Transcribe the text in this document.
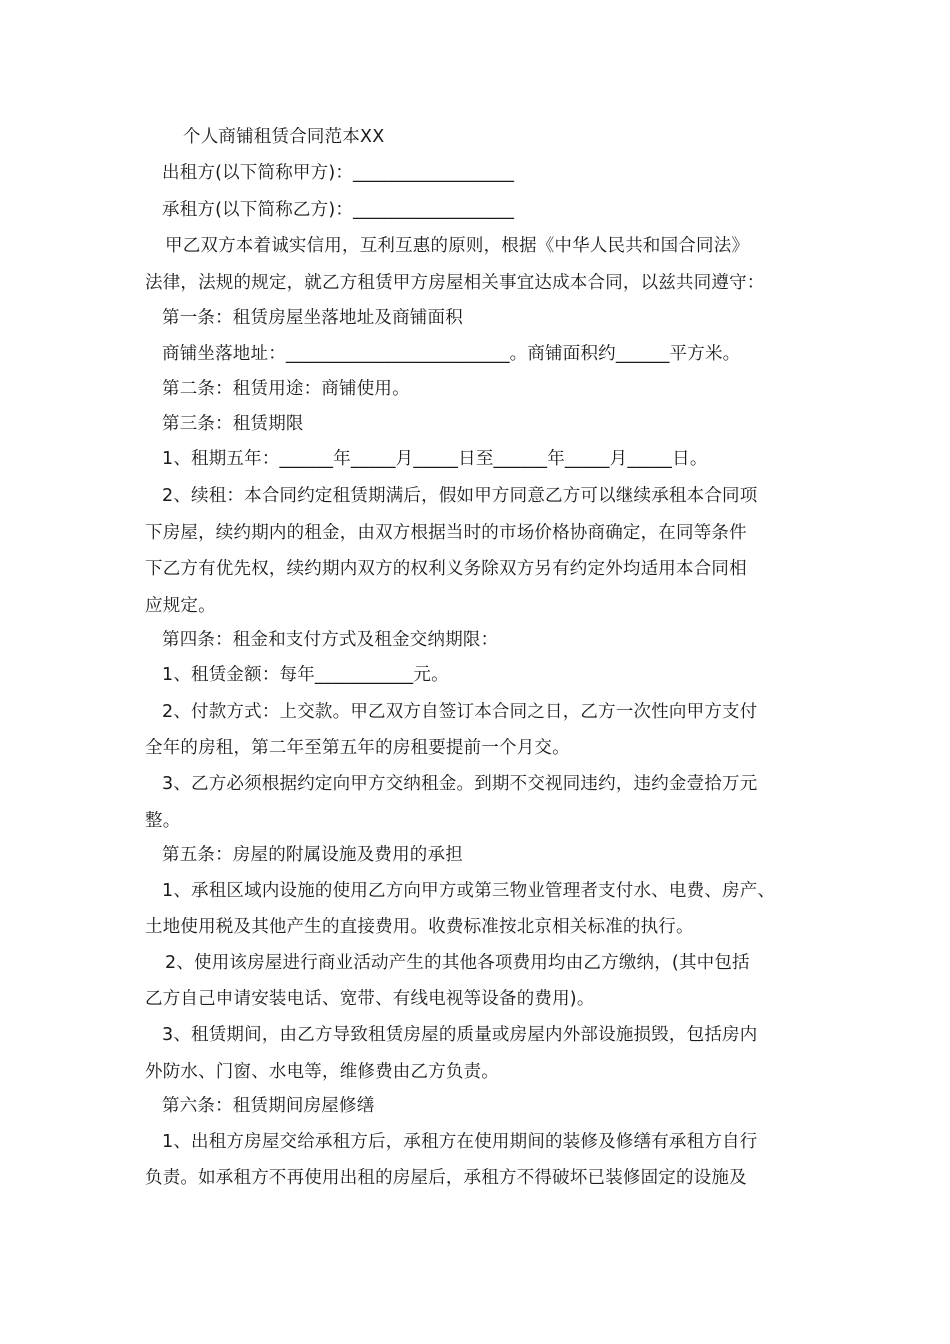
个人商铺租赁合同范本XX
出租方(以下简称甲方)：__________________
承租方(以下简称乙方)：__________________
甲乙双方本着诚实信用，互利互惠的原则，根据《中华人民共和国合同法》
法律，法规的规定，就乙方租赁甲方房屋相关事宜达成本合同，以兹共同遵守：
第一条：租赁房屋坐落地址及商铺面积
商铺坐落地址：_________________________。商铺面积约______平方米。
第二条：租赁用途：商铺使用。
第三条：租赁期限
1、租期五年：______年_____月_____日至______年_____月_____日。
2、续租：本合同约定租赁期满后，假如甲方同意乙方可以继续承租本合同项
下房屋，续约期内的租金，由双方根据当时的市场价格协商确定，在同等条件
下乙方有优先权，续约期内双方的权利义务除双方另有约定外均适用本合同相
应规定。
第四条：租金和支付方式及租金交纳期限：
1、租赁金额：每年___________元。
2、付款方式：上交款。甲乙双方自签订本合同之日，乙方一次性向甲方支付
全年的房租，第二年至第五年的房租要提前一个月交。
3、乙方必须根据约定向甲方交纳租金。到期不交视同违约，违约金壹拾万元
整。
第五条：房屋的附属设施及费用的承担
1、承租区域内设施的使用乙方向甲方或第三物业管理者支付水、电费、房产、
土地使用税及其他产生的直接费用。收费标准按北京相关标准的执行。
2、使用该房屋进行商业活动产生的其他各项费用均由乙方缴纳，(其中包括
乙方自己申请安装电话、宽带、有线电视等设备的费用)。
3、租赁期间，由乙方导致租赁房屋的质量或房屋内外部设施损毁，包括房内
外防水、门窗、水电等，维修费由乙方负责。
第六条：租赁期间房屋修缮
1、出租方房屋交给承租方后，承租方在使用期间的装修及修缮有承租方自行
负责。如承租方不再使用出租的房屋后，承租方不得破坏已装修固定的设施及
